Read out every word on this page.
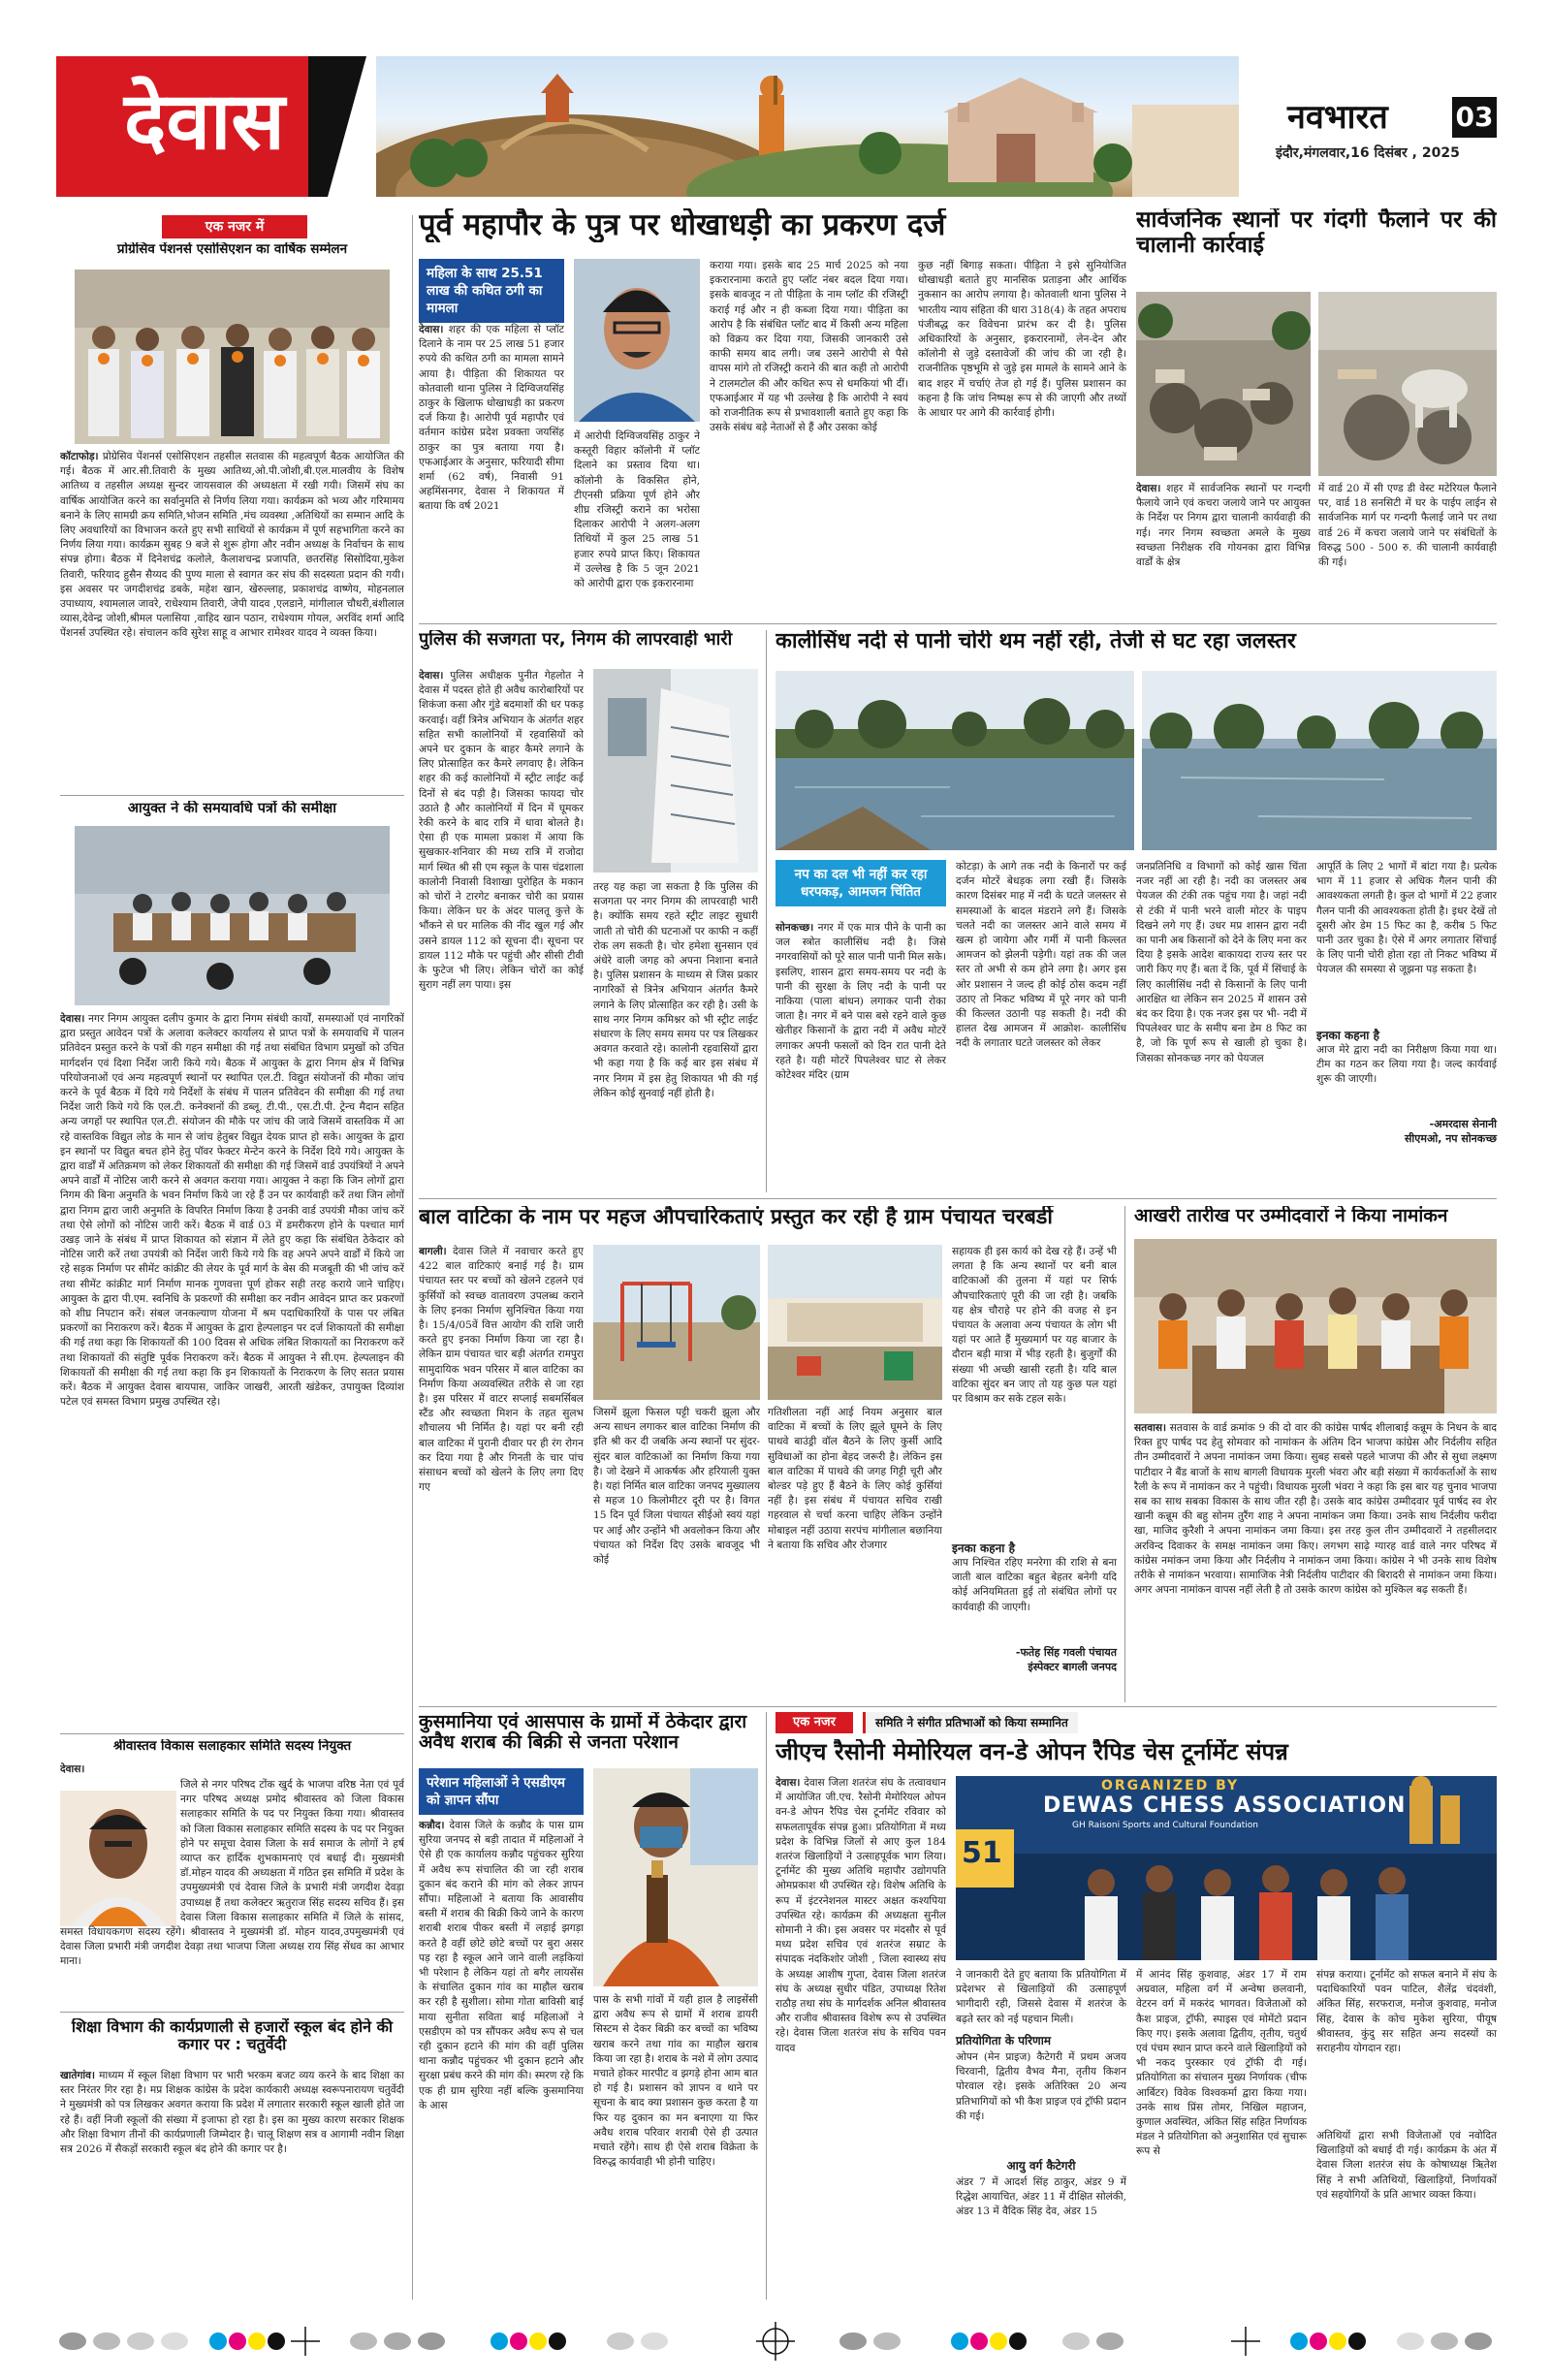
देवास	नवभारत 03
इंदौर,मंगलवार,16 दिसंबर , 2025
एक नजर में
प्रोग्रेसिव पेंशनर्स एसोसिएशन का वार्षिक सम्मेलन
कॉटाफोड़। प्रोग्रेसिव पेंशनर्स एसोसिएशन तहसील सतवास की महत्वपूर्ण बैठक आयोजित की गई। बैठक में आर.सी.तिवारी के मुख्य आतिथ्य,ओ.पी.जोशी,बी.एल.मालवीय के विशेष आतिथ्य व तहसील अध्यक्ष सुन्दर जायसवाल की अध्यक्षता में रखी गयी। जिसमें संघ का वार्षिक आयोजित करने का सर्वानुमति से निर्णय लिया गया। कार्यक्रम को भव्य और गरिमामय बनाने के लिए सामग्री क्रय समिति,भोजन समिति ,मंच व्यवस्था ,अतिथियों का सम्मान आदि के लिए अवधारियों का विभाजन करते हुए सभी साथियों से कार्यक्रम में पूर्ण सहभागिता करने का निर्णय लिया गया। कार्यक्रम सुबह 9 बजे से शुरू होगा और नवीन अध्यक्ष के निर्वाचन के साथ संपन्न होगा। बैठक में दिनेशचंद्र कलोले, कैलाशचन्द्र प्रजापति, छतरसिंह सिसोदिया,मुकेश तिवारी, फरियाद हुसैन सैय्यद की पुण्य माला से स्वागत कर संघ की सदस्यता प्रदान की गयी। इस अवसर पर जगदीशचंद्र डबके, महेश खान, खेरुल्लाह, प्रकाशचंद्र वाष्णेय, मोहनलाल उपाध्याय, श्यामलाल जावरे, राधेश्याम तिवारी, जेपी यादव ,एलडाने, मांगीलाल चौधरी,बंशीलाल व्यास,देवेन्द्र जोशी,श्रीमल पलासिया ,वाहिद खान पठान, राधेश्याम गोयल, अरविंद शर्मा आदि पेंशनर्स उपस्थित रहे। संचालन कवि सुरेश साहू व आभार रामेश्वर यादव ने व्यक्त किया।
आयुक्त ने की समयावधि पत्रों की समीक्षा
देवास। नगर निगम आयुक्त दलीप कुमार के द्वारा निगम संबंधी कार्यों, समस्याओं एवं नागरिकों द्वारा प्रस्तुत आवेदन पत्रों के अलावा कलेक्टर कार्यालय से प्राप्त पत्रों के समयावधि में पालन प्रतिवेदन प्रस्तुत करने के पत्रों की गहन समीक्षा की गई तथा संबंधित विभाग प्रमुखों को उचित मार्गदर्शन एवं दिशा निर्देश जारी किये गये। बैठक में आयुक्त के द्वारा निगम क्षेत्र में विभिन्न परियोजनाओं एवं अन्य महत्वपूर्ण स्थानों पर स्थापित एल.टी. विद्युत संयोजनों की मौका जांच करने के पूर्व बैठक में दिये गये निर्देशों के संबंध में पालन प्रतिवेदन की समीक्षा की गई तथा निर्देश जारी किये गये कि एल.टी. कनेक्शनों की डब्लू. टी.पी., एस.टी.पी. ट्रेन्च मैदान सहित अन्य जगहों पर स्थापित एल.टी. संयोजन की मौके पर जांच की जावे जिसमें वास्तविक में आ रहे वास्तविक विद्युत लोड के मान से जांच हेतुबर विद्युत देयक प्राप्त हो सके। आयुक्त के द्वारा इन स्थानों पर विद्युत बचत होने हेतु पॉवर फेक्टर मेन्टेन करने के निर्देश दिये गये। आयुक्त के द्वारा वार्डों में अतिक्रमण को लेकर शिकायतों की समीक्षा की गई जिसमें वार्ड उपयंत्रियों ने अपने अपने वार्डों में नोटिस जारी करने से अवगत कराया गया। आयुक्त ने कहा कि जिन लोगों द्वारा निगम की बिना अनुमति के भवन निर्माण किये जा रहे हैं उन पर कार्यवाही करें तथा जिन लोगों द्वारा निगम द्वारा जारी अनुमति के विपरित निर्माण किया है उनकी वार्ड उपयंत्री मौका जांच करें तथा ऐसे लोगों को नोटिस जारी करें। बैठक में वार्ड 03 में डमरीकरण होने के पश्चात मार्ग उखड़ जाने के संबंध में प्राप्त शिकायत को संज्ञान में लेते हुए कहा कि संबंधित ठेकेदार को नोटिस जारी करें तथा उपयंत्री को निर्देश जारी किये गये कि वह अपने अपने वार्डों में किये जा रहे सड़क निर्माण पर सीमेंट कांक्रीट की लेयर के पूर्व मार्ग के बेस की मजबूती की भी जांच करें तथा सीमेंट कांक्रीट मार्ग निर्माण मानक गुणवत्ता पूर्ण होकर सही तरह कराये जाने चाहिए। आयुक्त के द्वारा पी.एम. स्वनिधि के प्रकरणों की समीक्षा कर नवीन आवेदन प्राप्त कर प्रकरणों को शीघ्र निपटान करें। संबल जनकल्याण योजना में श्रम पदाधिकारियों के पास पर लंबित प्रकरणों का निराकरण करें। बैठक में आयुक्त के द्वारा हेल्पलाइन पर दर्ज शिकायतों की समीक्षा की गई तथा कहा कि शिकायतों की 100 दिवस से अधिक लंबित शिकायतों का निराकरण करें तथा शिकायतों की संतुष्टि पूर्वक निराकरण करें। बैठक में आयुक्त ने सी.एम. हेल्पलाइन की शिकायतों की समीक्षा की गई तथा कहा कि इन शिकायतों के निराकरण के लिए सतत प्रयास करें। बैठक में आयुक्त देवास बायपास, जाकिर जाखरी, आरती खंडेकर, उपायुक्त दिव्यांश पटेल एवं समस्त विभाग प्रमुख उपस्थित रहे।
श्रीवास्तव विकास सलाहकार समिति सदस्य नियुक्त
देवास।
जिले से नगर परिषद टोंक खुर्द के भाजपा वरिष्ठ नेता एवं पूर्व नगर परिषद अध्यक्ष प्रमोद श्रीवास्तव को जिला विकास सलाहकार समिति के पद पर नियुक्त किया गया। श्रीवास्तव को जिला विकास सलाहकार समिति सदस्य के पद पर नियुक्त होने पर समूचा देवास जिला के सर्व समाज के लोगों ने हर्ष व्याप्त कर हार्दिक शुभकामनाएं एवं बधाई दी। मुख्यमंत्री डॉ.मोहन यादव की अध्यक्षता में गठित इस समिति में प्रदेश के उपमुख्यमंत्री एवं देवास जिले के प्रभारी मंत्री जगदीश देवड़ा उपाध्यक्ष हैं तथा कलेक्टर ऋतुराज सिंह सदस्य सचिव हैं। इस देवास जिला विकास सलाहकार समिति में जिले के सांसद, समस्त विधायकगण सदस्य रहेंगे। श्रीवास्तव ने मुख्यमंत्री डॉ. मोहन यादव,उपमुख्यमंत्री एवं देवास जिला प्रभारी मंत्री जगदीश देवड़ा तथा भाजपा जिला अध्यक्ष राय सिंह सेंधव का आभार माना।
शिक्षा विभाग की कार्यप्रणाली से हजारों स्कूल बंद होने की कगार पर : चतुर्वेदी
खातेगांव। माध्यम में स्कूल शिक्षा विभाग पर भारी भरकम बजट व्यय करने के बाद शिक्षा का स्तर निरंतर गिर रहा है। मप्र शिक्षक कांग्रेस के प्रदेश कार्यकारी अध्यक्ष स्वरूपनारायण चतुर्वेदी ने मुख्यमंत्री को पत्र लिखकर अवगत कराया कि प्रदेश में लगातार सरकारी स्कूल खाली होते जा रहे हैं। वहीं निजी स्कूलों की संख्या में इजाफा हो रहा है। इस का मुख्य कारण सरकार शिक्षक और शिक्षा विभाग तीनों की कार्यप्रणाली जिम्मेदार है। चालू शिक्षण सत्र व आगामी नवीन शिक्षा सत्र 2026 में सैकड़ों सरकारी स्कूल बंद होने की कगार पर है।
पूर्व महापौर के पुत्र पर धोखाधड़ी का प्रकरण दर्ज
महिला के साथ 25.51 लाख की कथित ठगी का मामला
देवास। शहर की एक महिला से प्लॉट दिलाने के नाम पर 25 लाख 51 हजार रुपये की कथित ठगी का मामला सामने आया है। पीड़िता की शिकायत पर कोतवाली थाना पुलिस ने दिग्विजयसिंह ठाकुर के खिलाफ धोखाधड़ी का प्रकरण दर्ज किया है। आरोपी पूर्व महापौर एवं वर्तमान कांग्रेस प्रदेश प्रवक्ता जयसिंह ठाकुर का पुत्र बताया गया है। एफआईआर के अनुसार, फरियादी सीमा शर्मा (62 वर्ष), निवासी 91 अहमिंसनगर, देवास ने शिकायत में बताया कि वर्ष 2021
में आरोपी दिग्विजयसिंह ठाकुर ने कस्तूरी विहार कॉलोनी में प्लॉट दिलाने का प्रस्ताव दिया था। कॉलोनी के विकसित होने, टीएनसी प्रक्रिया पूर्ण होने और शीघ्र रजिस्ट्री कराने का भरोसा दिलाकर आरोपी ने अलग-अलग तिथियों में कुल 25 लाख 51 हजार रुपये प्राप्त किए। शिकायत में उल्लेख है कि 5 जून 2021 को आरोपी द्वारा एक इकरारनामा
कराया गया। इसके बाद 25 मार्च 2025 को नया इकरारनामा कराते हुए प्लॉट नंबर बदल दिया गया। इसके बावजूद न तो पीड़िता के नाम प्लॉट की रजिस्ट्री कराई गई और न ही कब्जा दिया गया। पीड़िता का आरोप है कि संबंधित प्लॉट बाद में किसी अन्य महिला को विक्रय कर दिया गया, जिसकी जानकारी उसे काफी समय बाद लगी। जब उसने आरोपी से पैसे वापस मांगे तो रजिस्ट्री कराने की बात कही तो आरोपी ने टालमटोल की और कथित रूप से धमकियां भी दीं। एफआईआर में यह भी उल्लेख है कि आरोपी ने स्वयं को राजनीतिक रूप से प्रभावशाली बताते हुए कहा कि उसके संबंध बड़े नेताओं से हैं और उसका कोई
कुछ नहीं बिगाड़ सकता। पीड़िता ने इसे सुनियोजित धोखाधड़ी बताते हुए मानसिक प्रताड़ना और आर्थिक नुकसान का आरोप लगाया है। कोतवाली थाना पुलिस ने भारतीय न्याय संहिता की धारा 318(4) के तहत अपराध पंजीबद्ध कर विवेचना प्रारंभ कर दी है। पुलिस अधिकारियों के अनुसार, इकरारनामों, लेन-देन और कॉलोनी से जुड़े दस्तावेजों की जांच की जा रही है। राजनीतिक पृष्ठभूमि से जुड़े इस मामले के सामने आने के बाद शहर में चर्चाएं तेज हो गई हैं। पुलिस प्रशासन का कहना है कि जांच निष्पक्ष रूप से की जाएगी और तथ्यों के आधार पर आगे की कार्रवाई होगी।
सार्वजनिक स्थानों पर गंदगी फैलाने पर की चालानी कार्रवाई
देवास। शहर में सार्वजनिक स्थानों पर गन्दगी फैलाये जाने एवं कचरा जलाये जाने पर आयुक्त के निर्देश पर निगम द्वारा चालानी कार्यवाही की गई। नगर निगम स्वच्छता अमले के मुख्य स्वच्छता निरीक्षक रवि गोयनका द्वारा विभिन्न वार्डों के क्षेत्र
में वार्ड 20 में सी एण्ड डी वेस्ट मटेरियल फैलाने पर, वार्ड 18 सनसिटी में घर के पाईप लाईन से सार्वजनिक मार्ग पर गन्दगी फैलाई जाने पर तथा वार्ड 26 में कचरा जलाये जाने पर संबंधितों के विरुद्ध 500 - 500 रु. की चालानी कार्यवाही की गई।
पुलिस की सजगता पर, निगम की लापरवाही भारी
देवास। पुलिस अधीक्षक पुनीत गेहलोत ने देवास में पदस्त होते ही अवैध कारोबारियों पर शिकंजा कसा और गुंडे बदमाशों की धर पकड़ करवाई। वहीं त्रिनेत्र अभियान के अंतर्गत शहर सहित सभी कालोनियों में रहवासियों को अपने घर दुकान के बाहर कैमरे लगाने के लिए प्रोत्साहित कर कैमरे लगवाए है। लेकिन शहर की कई कालोनियों में स्ट्रीट लाईट कई दिनों से बंद पड़ी है। जिसका फायदा चोर उठाते है और कालोनियों में दिन में घूमकर रेकी करने के बाद रात्रि में धावा बोलते है। ऐसा ही एक मामला प्रकाश में आया कि सुखकार-शनिवार की मध्य रात्रि में राजोदा मार्ग स्थित श्री सी एम स्कूल के पास चंद्रशाला कालोनी निवासी विशाखा पुरोहित के मकान को चोरों ने टारगेट बनाकर चोरी का प्रयास किया। लेकिन घर के अंदर पालतू कुत्ते के भौंकने से घर मालिक की नींद खुल गई और उसने डायल 112 को सूचना दी। सूचना पर डायल 112 मौके पर पहुंची और सीसी टीवी के फुटेज भी लिए। लेकिन चोरों का कोई सुराग नहीं लग पाया। इस
तरह यह कहा जा सकता है कि पुलिस की सजगता पर नगर निगम की लापरवाही भारी है। क्योंकि समय रहते स्ट्रीट लाइट सुधारी जाती तो चोरी की घटनाओं पर काफी न कहीं रोक लग सकती है। चोर हमेशा सुनसान एवं अंधेरे वाली जगह को अपना निशाना बनाते है। पुलिस प्रशासन के माध्यम से जिस प्रकार नागरिकों से त्रिनेत्र अभियान अंतर्गत कैमरे लगाने के लिए प्रोत्साहित कर रही है। उसी के साथ नगर निगम कमिश्नर को भी स्ट्रीट लाईट संधारण के लिए समय समय पर पत्र लिखकर अवगत करवाते रहे। कालोनी रहवासियों द्वारा भी कहा गया है कि कई बार इस संबंध में नगर निगम में इस हेतु शिकायत भी की गई लेकिन कोई सुनवाई नहीं होती है।
कालीसिंध नदी से पानी चोरी थम नहीं रही, तेजी से घट रहा जलस्तर
नप का दल भी नहीं कर रहा धरपकड़, आमजन चिंतित
सोनकच्छ। नगर में एक मात्र पीने के पानी का जल स्त्रोत कालीसिंध नदी है। जिसे नगरवासियों को पूरे साल पानी पानी मिल सके। इसलिए, शासन द्वारा समय-समय पर नदी के पानी की सुरक्षा के लिए नदी के पानी पर नाकिया (पाला बांधन) लगाकर पानी रोका जाता है। नगर में बने पास बसे रहने वाले कुछ खेतीहर किसानों के द्वारा नदी में अवैध मोटरें लगाकर अपनी फसलों को दिन रात पानी देते रहते है। यही मोटरें पिपलेश्वर घाट से लेकर कोटेश्वर मंदिर (ग्राम
कोटड़ा) के आगे तक नदी के किनारों पर कई दर्जन मोटरें बेधड़क लगा रखी हैं। जिसके कारण दिसंबर माह में नदी के घटते जलस्तर से समस्याओं के बादल मंडराने लगे हैं। जिसके चलते नदी का जलस्तर आने वाले समय में खत्म हो जायेगा और गर्मी में पानी किल्लत आमजन को झेलनी पड़ेगी। यहां तक की जल स्तर तो अभी से कम होने लगा है। अगर इस ओर प्रशासन ने जल्द ही कोई ठोस कदम नहीं उठाए तो निकट भविष्य में पूरे नगर को पानी की किल्लत उठानी पड़ सकती है। नदी की हालत देख आमजन में आक्रोश- कालीसिंध नदी के लगातार घटते जलस्तर को लेकर
जनप्रतिनिधि व विभागों को कोई खास चिंता नजर नहीं आ रही है। नदी का जलस्तर अब पेयजल की टंकी तक पहुंच गया है। जहां नदी से टंकी में पानी भरने वाली मोटर के पाइप दिखने लगे गए हैं। उधर मप्र शासन द्वारा नदी का पानी अब किसानों को देने के लिए मना कर दिया है इसके आदेश बाकायदा राज्य स्तर पर जारी किए गए हैं। बता दें कि, पूर्व में सिंचाई के लिए कालीसिंध नदी से किसानों के लिए पानी आरक्षित था लेकिन सन 2025 में शासन उसे बंद कर दिया है। एक नजर इस पर भी- नदी में पिपलेश्वर घाट के समीप बना डेम 8 फिट का है, जो कि पूर्ण रूप से खाली हो चुका है। जिसका सोनकच्छ नगर को पेयजल
आपूर्ति के लिए 2 भागों में बांटा गया है। प्रत्येक भाग में 11 हजार से अधिक गैलन पानी की आवश्यकता लगती है। कुल दो भागों में 22 हजार गैलन पानी की आवश्यकता होती है। इधर देखें तो दूसरी ओर डेम 15 फिट का है, करीब 5 फिट पानी उतर चुका है। ऐसे में अगर लगातार सिंचाई के लिए पानी चोरी होता रहा तो निकट भविष्य में पेयजल की समस्या से जूझना पड़ सकता है।
इनका कहना है
आज मेरे द्वारा नदी का निरीक्षण किया गया था। टीम का गठन कर लिया गया है। जल्द कार्यवाई शुरू की जाएगी।
-अमरदास सेनानी
सीएमओ, नप सोनकच्छ
बाल वाटिका के नाम पर महज औपचारिकताएं प्रस्तुत कर रही है ग्राम पंचायत चरबर्डी
बागली। देवास जिले में नवाचार करते हुए 422 बाल वाटिकाएं बनाई गई है। ग्राम पंचायत स्तर पर बच्चों को खेलने टहलने एवं कुर्सियों को स्वच्छ वातावरण उपलब्ध कराने के लिए इनका निर्माण सुनिश्चित किया गया है। 15/4/05वें वित्त आयोग की राशि जारी करते हुए इनका निर्माण किया जा रहा है। लेकिन ग्राम पंचायत चार बड़ी अंतर्गत रामपुरा सामुदायिक भवन परिसर में बाल वाटिका का निर्माण किया अव्यवस्थित तरीके से जा रहा है। इस परिसर में वाटर सप्लाई सबमर्सिबल स्टैंड और स्वच्छता मिशन के तहत सुलभ शौचालय भी निर्मित है। यहां पर बनी रही बाल वाटिका में पुरानी दीवार पर ही रंग रोगन कर दिया गया है और गिनती के चार पांच संसाधन बच्चों को खेलने के लिए लगा दिए गए
जिसमें झूला फिसल पट्टी चकरी झूला और अन्य साधन लगाकर बाल वाटिका निर्माण की इति श्री कर दी जबकि अन्य स्थानों पर सुंदर-सुंदर बाल वाटिकाओं का निर्माण किया गया है। जो देखने में आकर्षक और हरियाली युक्त है। यहां निर्मित बाल वाटिका जनपद मुख्यालय से महज 10 किलोमीटर दूरी पर है। विगत 15 दिन पूर्व जिला पंचायत सीईओ स्वयं यहां पर आई और उन्होंने भी अवलोकन किया और पंचायत को निर्देश दिए उसके बावजूद भी कोई
गतिशीलता नहीं आई नियम अनुसार बाल वाटिका में बच्चों के लिए झूले घूमने के लिए पाथवे बाउंड्री वॉल बैठने के लिए कुर्सी आदि सुविधाओं का होना बेहद जरूरी है। लेकिन इस बाल वाटिका में पाथवे की जगह गिट्टी चूरी और बोल्डर पड़े हुए हैं बैठने के लिए कोई कुर्सियां नहीं है। इस संबंध में पंचायत सचिव राखी गहरवाल से चर्चा करना चाहिए लेकिन उन्होंने मोबाइल नहीं उठाया सरपंच मांगीलाल बछानिया ने बताया कि सचिव और रोजगार
सहायक ही इस कार्य को देख रहे हैं। उन्हें भी लगता है कि अन्य स्थानों पर बनी बाल वाटिकाओं की तुलना में यहां पर सिर्फ औपचारिकताएं पूरी की जा रही है। जबकि यह क्षेत्र चौराहे पर होने की वजह से इन पंचायत के अलावा अन्य पंचायत के लोग भी यहां पर आते हैं मुख्यमार्ग पर यह बाजार के दौरान बड़ी मात्रा में भीड़ रहती है। बुजुर्गों की संख्या भी अच्छी खासी रहती है। यदि बाल वाटिका सुंदर बन जाए तो यह कुछ पल यहां पर विश्राम कर सके टहल सके।
इनका कहना है
आप निश्चित रहिए मनरेगा की राशि से बना जाती बाल वाटिका बहुत बेहतर बनेगी यदि कोई अनियमितता हुई तो संबंधित लोगों पर कार्यवाही की जाएगी।
-फतेह सिंह गवली पंचायत
इंस्पेक्टर बागली जनपद
आखरी तारीख पर उम्मीदवारों ने किया नामांकन
सतवास। सतवास के वार्ड क्रमांक 9 की दो वार की कांग्रेस पार्षद शीलाबाई कन्नूम के निधन के बाद रिक्त हुए पार्षद पद हेतु सोमवार को नामांकन के अंतिम दिन भाजपा कांग्रेस और निर्दलीय सहित तीन उम्मीदवारों ने अपना नामांकन जमा किया। सुबह सबसे पहले भाजपा की और से सुधा लक्ष्मण पाटीदार ने बैंड बाजों के साथ बागली विधायक मुरली भंवरा और बड़ी संख्या में कार्यकर्ताओं के साथ रैली के रूप में नामांकन कर ने पहुंची। विधायक मुरली भंवरा ने कहा कि इस बार यह चुनाव भाजपा सब का साथ सबका विकास के साथ जीत रही है। उसके बाद कांग्रेस उम्मीदवार पूर्व पार्षद स्व शेर खानी कन्नूम की बहु सोनम तुरैंग शाह ने अपना नामांकन जमा किया। उनके साथ निर्दलीय फरीदा खा, माजिद कुरैशी ने अपना नामांकन जमा किया। इस तरह कुल तीन उम्मीदवारों ने तहसीलदार अरविन्द दिवाकर के समक्ष नामांकन जमा किए। लगभग साढ़े ग्यारह वार्ड वाले नगर परिषद में कांग्रेस नमांकन जमा किया और निर्दलीय ने नामांकन जमा किया। कांग्रेस ने भी उनके साथ विशेष तरीके से नामांकन भरवाया। सामाजिक नेत्री निर्दलीय पाटीदार की बिरादरी से नामांकन जमा किया। अगर अपना नामांकन वापस नहीं लेती है तो उसके कारण कांग्रेस को मुश्किल बढ़ सकती हैं।
कुसमानिया एवं आसपास के ग्रामों में ठेकेदार द्वारा अवैध शराब की बिक्री से जनता परेशान
परेशान महिलाओं ने एसडीएम को ज्ञापन सौंपा
कन्नौद। देवास जिले के कन्नौद के पास ग्राम सुरिया जनपद से बड़ी तादात में महिलाओं ने ऐसे ही एक कार्यालय कन्नौद पहुंचकर सुरिया में अवैध रूप संचालित की जा रही शराब दुकान बंद कराने की मांग को लेकर ज्ञापन सौंपा। महिलाओं ने बताया कि आवासीय बस्ती में शराब की बिक्री किये जाने के कारण शराबी शराब पीकर बस्ती में लड़ाई झगड़ा करते है वहीं छोटे छोटे बच्चों पर बुरा असर पड़ रहा है स्कूल आने जाने वाली लड़कियां भी परेशान है लेकिन यहां तो बगैर लायसेंस के संचालित दुकान गांव का माहौल खराब कर रही है सुशीला। सोमा गोता बाविसी बाई माया सुनीता सविता बाई महिलाओं ने एसडीएम को पत्र सौंपकर अवैध रूप से चल रही दुकान हटाने की मांग की वहीं पुलिस थाना कन्नौद पहुंचकर भी दुकान हटाने और सुरक्षा प्रबंध करने की मांग की। स्मरण रहे कि एक ही ग्राम सुरिया नहीं बल्कि कुसमानिया के आस
पास के सभी गांवों में यही हाल है लाइसेंसी द्वारा अवैध रूप से ग्रामों में शराब डायरी सिस्टम से देकर बिक्री कर बच्चों का भविष्य खराब करने तथा गांव का माहौल खराब किया जा रहा है। शराब के नशे में लोग उत्पाद मचाते होकर मारपीट व झगड़े होना आम बात हो गई है। प्रशासन को ज्ञापन व थाने पर सूचना के बाद क्या प्रशासन कुछ करता है या फिर यह दुकान का मन बनाएगा या फिर अवैध शराब परिवार शराबी ऐसे ही उत्पात मचाते रहेंगे। साथ ही ऐसे शराब विक्रेता के विरुद्ध कार्यवाही भी होनी चाहिए।
एक नजर	समिति ने संगीत प्रतिभाओं को किया सम्मानित
जीएच रैसोनी मेमोरियल वन-डे ओपन रैपिड चेस टूर्नामेंट संपन्न
देवास। देवास जिला शतरंज संघ के तत्वावधान में आयोजित जी.एच. रैसोनी मेमोरियल ओपन वन-डे ओपन रैपिड चेस टूर्नामेंट रविवार को सफलतापूर्वक संपन्न हुआ। प्रतियोगिता में मध्य प्रदेश के विभिन्न जिलों से आए कुल 184 शतरंज खिलाड़ियों ने उत्साहपूर्वक भाग लिया। टूर्नामेंट की मुख्य अतिथि महापौर उद्योगपति ओमप्रकाश थी उपस्थित रहे। विशेष अतिथि के रूप में इंटरनेशनल मास्टर अक्षत कश्यपिया उपस्थित रहे। कार्यक्रम की अध्यक्षता सुनील सोमानी ने की। इस अवसर पर मंदसौर से पूर्व मध्य प्रदेश सचिव एवं शतरंज सम्राट के संपादक नंदकिशोर जोशी , जिला स्वास्थ्य संघ के अध्यक्ष आशीष गुप्ता, देवास जिला शतरंज संघ के अध्यक्ष सुधीर पंडित, उपाध्यक्ष रितेश राठौड़ तथा संघ के मार्गदर्शक अनिल श्रीवास्तव और राजीव श्रीवास्तव विशेष रूप से उपस्थित रहे। देवास जिला शतरंज संघ के सचिव पवन यादव
ORGANIZED BY
DEWAS CHESS ASSOCIATION
GH Raisoni Sports and Cultural Foundation
51
ने जानकारी देते हुए बताया कि प्रतियोगिता में प्रदेशभर से खिलाड़ियों की उत्साहपूर्ण भागीदारी रही, जिससे देवास में शतरंज के बढ़ते स्तर को नई पहचान मिली।
प्रतियोगिता के परिणाम
ओपन (मेन प्राइज) कैटेगरी में प्रथम अजय चिरवानी, द्वितीय वैभव मैना, तृतीय किशन पोरवाल रहे। इसके अतिरिक्त 20 अन्य प्रतिभागियों को भी कैश प्राइज एवं ट्रॉफी प्रदान की गई।
आयु वर्ग कैटेगरी
अंडर 7 में आदर्श सिंह ठाकुर, अंडर 9 में रिद्धेश आयाचित, अंडर 11 में दीक्षित सोलंकी, अंडर 13 में वैदिक सिंह देव, अंडर 15
में आनंद सिंह कुशवाह, अंडर 17 में राम अग्रवाल, महिला वर्ग में अन्वेषा छलवानी, वेटरन वर्ग में मकरंद भागवत। विजेताओं को कैश प्राइज, ट्रॉफी, स्पाइस एवं मोमेंटो प्रदान किए गए। इसके अलावा द्वितीय, तृतीय, चतुर्थ एवं पंचम स्थान प्राप्त करने वाले खिलाड़ियों को भी नकद पुरस्कार एवं ट्रॉफी दी गई। प्रतियोगिता का संचालन मुख्य निर्णायक (चीफ आर्बिटर) विवेक विश्वकर्मा द्वारा किया गया। उनके साथ प्रिंस तोमर, निखिल महाजन, कुणाल अवस्थित, अंकित सिंह सहित निर्णायक मंडल ने प्रतियोगिता को अनुशासित एवं सुचारू रूप से
संपन्न कराया। टूर्नामेंट को सफल बनाने में संघ के पदाधिकारियों पवन पाटिल, शैलेंद्र चंदवंशी, अंकित सिंह, सरफराज, मनोज कुशवाह, मनोज सिंह, देवास के कोच मुकेश सुरिया, पीयूष श्रीवास्तव, कुंदु सर सहित अन्य सदस्यों का सराहनीय योगदान रहा।
अतिथियों द्वारा सभी विजेताओं एवं नवोदित खिलाड़ियों को बधाई दी गई। कार्यक्रम के अंत में देवास जिला शतरंज संघ के कोषाध्यक्ष ऋितेश सिंह ने सभी अतिथियों, खिलाड़ियों, निर्णायकों एवं सहयोगियों के प्रति आभार व्यक्त किया।
